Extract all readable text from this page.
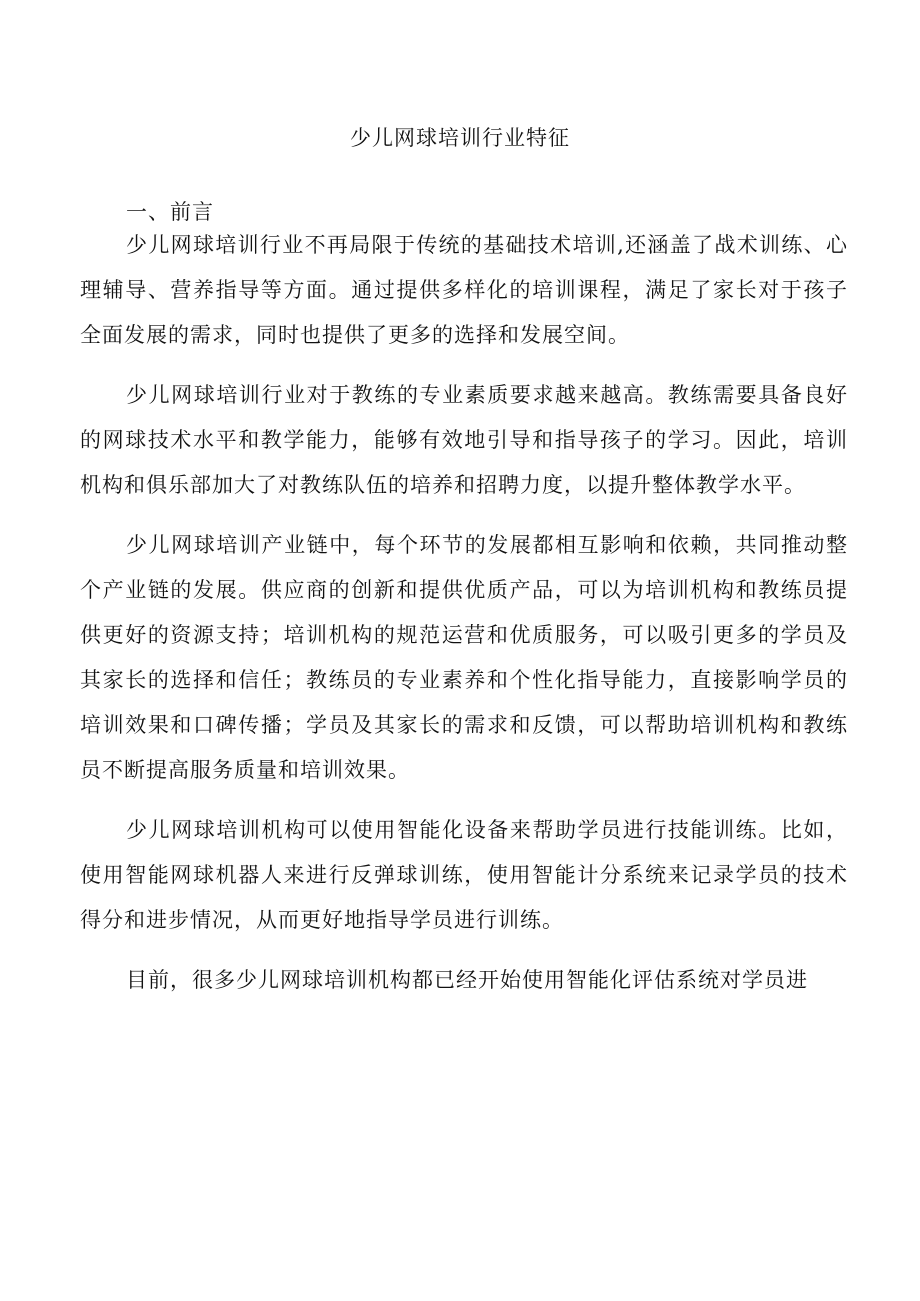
少儿网球培训行业特征
一、前言

少儿网球培训行业不再局限于传统的基础技术培训,还涵盖了战术训练、心理辅导、营养指导等方面。通过提供多样化的培训课程，满足了家长对于孩子全面发展的需求，同时也提供了更多的选择和发展空间。

少儿网球培训行业对于教练的专业素质要求越来越高。教练需要具备良好的网球技术水平和教学能力，能够有效地引导和指导孩子的学习。因此，培训机构和俱乐部加大了对教练队伍的培养和招聘力度，以提升整体教学水平。

少儿网球培训产业链中，每个环节的发展都相互影响和依赖，共同推动整个产业链的发展。供应商的创新和提供优质产品，可以为培训机构和教练员提供更好的资源支持；培训机构的规范运营和优质服务，可以吸引更多的学员及其家长的选择和信任；教练员的专业素养和个性化指导能力，直接影响学员的培训效果和口碑传播；学员及其家长的需求和反馈，可以帮助培训机构和教练员不断提高服务质量和培训效果。

少儿网球培训机构可以使用智能化设备来帮助学员进行技能训练。比如，使用智能网球机器人来进行反弹球训练，使用智能计分系统来记录学员的技术得分和进步情况，从而更好地指导学员进行训练。

目前，很多少儿网球培训机构都已经开始使用智能化评估系统对学员进
